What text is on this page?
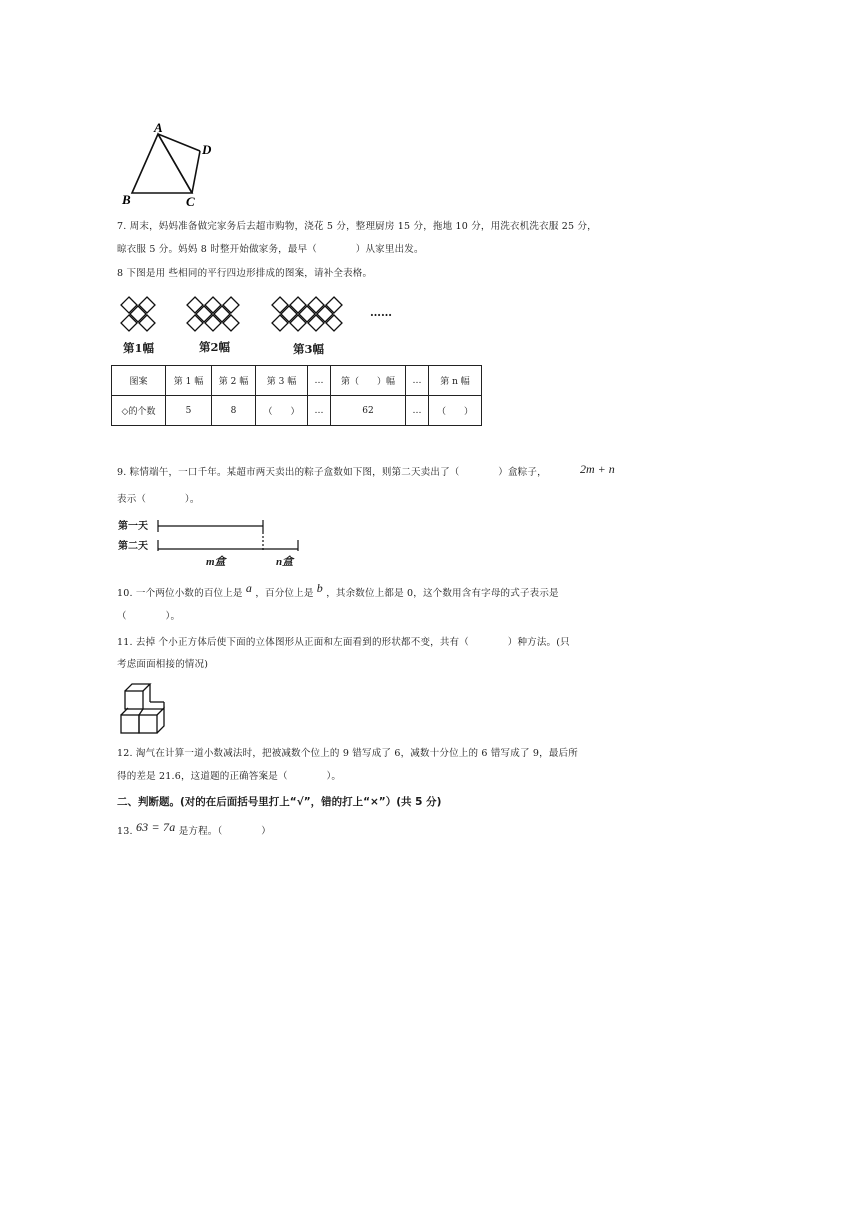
A
D
B	C
7. 周末，妈妈准备做完家务后去超市购物，浇花 5 分，整理厨房 15 分，拖地 10 分，用洗衣机洗衣服 25 分，
晾衣服 5 分。妈妈 8 时整开始做家务，最早（　　　　）从家里出发。
8 下图是用 些相同的平行四边形排成的图案，请补全表格。
……
第1幅	第2幅	第3幅
图案	第 1 幅	第 2 幅	第 3 幅	…	第（　　）幅	…	第 n 幅
◇的个数	5	8	（　　）	…	62	…	（　　）
9. 粽情端午，一口千年。某超市两天卖出的粽子盒数如下图，则第二天卖出了（　　　　）盒粽子，	2m + n
表示（　　　　）。
第一天
第二天
m盒	n盒
10. 一个两位小数的百位上是 a ，百分位上是 b ，其余数位上都是 0，这个数用含有字母的式子表示是
（　　　　）。
11. 去掉 个小正方体后使下面的立体图形从正面和左面看到的形状都不变，共有（　　　　）种方法。(只
考虑面面相接的情况)
12. 淘气在计算一道小数减法时，把被减数个位上的 9 错写成了 6，减数十分位上的 6 错写成了 9，最后所
得的差是 21.6，这道题的正确答案是（　　　　）。
二、判断题。(对的在后面括号里打上“√”，错的打上“×”）(共 5 分)
13. 63 = 7a 是方程。（　　　　）
